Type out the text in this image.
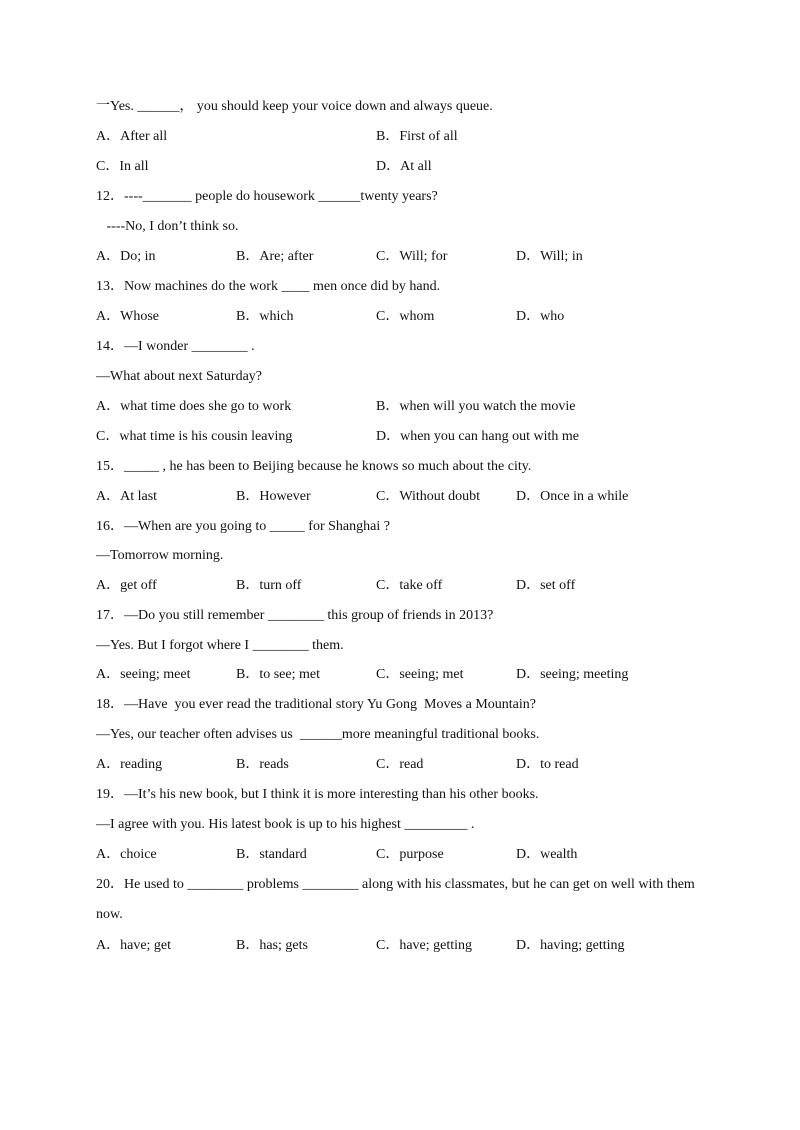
一Yes. ______， you should keep your voice down and always queue.
A．After all	B．First of all
C．In all	D．At all
12．----_______ people do housework ______twenty years?
----No, I don’t think so.
A．Do; in	B．Are; after	C．Will; for	D．Will; in
13．Now machines do the work ____ men once did by hand.
A．Whose	B．which	C．whom	D．who
14．—I wonder ________ .
—What about next Saturday?
A．what time does she go to work	B．when will you watch the movie
C．what time is his cousin leaving	D．when you can hang out with me
15．_____ , he has been to Beijing because he knows so much about the city.
A．At last	B．However	C．Without doubt	D．Once in a while
16．—When are you going to _____ for Shanghai ?
—Tomorrow morning.
A．get off	B．turn off	C．take off	D．set off
17．—Do you still remember ________ this group of friends in 2013?
—Yes. But I forgot where I ________ them.
A．seeing; meet	B．to see; met	C．seeing; met	D．seeing; meeting
18．—Have  you ever read the traditional story Yu Gong  Moves a Mountain?
—Yes, our teacher often advises us  ______more meaningful traditional books.
A．reading	B．reads	C．read	D．to read
19．—It’s his new book, but I think it is more interesting than his other books.
—I agree with you. His latest book is up to his highest _________ .
A．choice	B．standard	C．purpose	D．wealth
20．He used to ________ problems ________ along with his classmates, but he can get on well with them
now.
A．have; get	B．has; gets	C．have; getting	D．having; getting
